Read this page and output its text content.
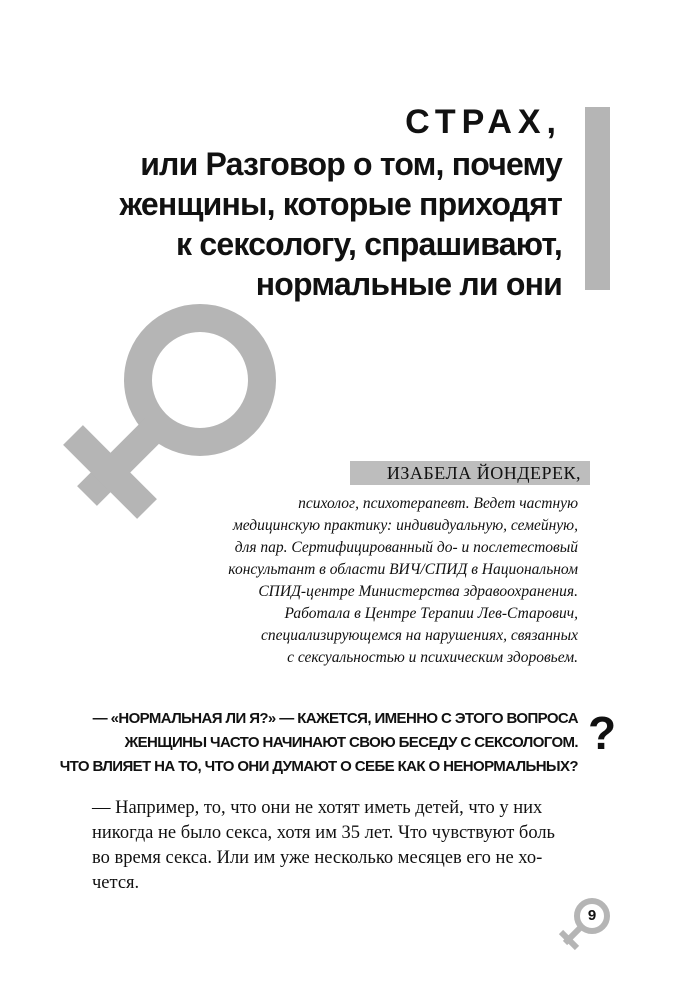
СТРАХ,
или Разговор о том, почему
женщины, которые приходят
к сексологу, спрашивают,
нормальные ли они
ИЗАБЕЛА ЙОНДЕРЕК,
психолог, психотерапевт. Ведет частную
медицинскую практику: индивидуальную, семейную,
для пар. Сертифицированный до- и послетестовый
консультант в области ВИЧ/СПИД в Национальном
СПИД-центре Министерства здравоохранения.
Работала в Центре Терапии Лев-Старович,
специализирующемся на нарушениях, связанных
с сексуальностью и психическим здоровьем.
— «НОРМАЛЬНАЯ ЛИ Я?» — КАЖЕТСЯ, ИМЕННО С ЭТОГО ВОПРОСА
ЖЕНЩИНЫ ЧАСТО НАЧИНАЮТ СВОЮ БЕСЕДУ С СЕКСОЛОГОМ.
ЧТО ВЛИЯЕТ НА ТО, ЧТО ОНИ ДУМАЮТ О СЕБЕ КАК О НЕНОРМАЛЬНЫХ?
?
— Например, то, что они не хотят иметь детей, что у них
никогда не было секса, хотя им 35 лет. Что чувствуют боль
во время секса. Или им уже несколько месяцев его не хо-
чется.
9
